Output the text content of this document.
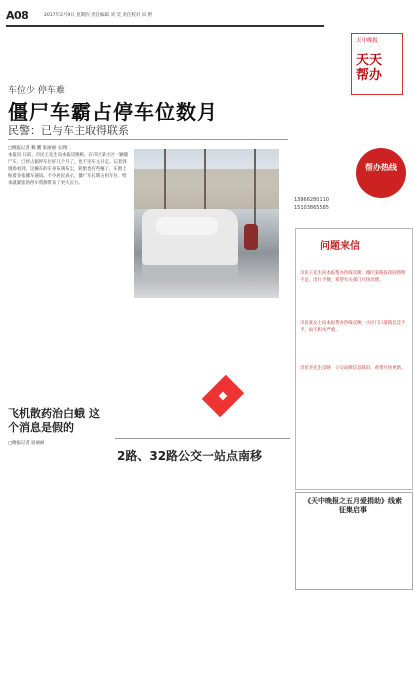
A08	2017年2月9日 星期四 责任编辑 刘 奕 责任校对 田 野
天中晚报
天天
帮办
车位少 停车难
僵尸车霸占停车位数月
民警：已与车主取得联系
□晚报记者 赖 鹏 张丽丽 文/图
本报讯 日前，市民王先生向本报反映称，在市区某小区一辆僵尸车，已经占据停车位好几个月了，也不见车主开走。记者到现场看到，这辆车的车身布满灰尘，轮胎也有些瘪了，车窗上贴着多张挪车通知。不少居民表示，僵尸车长期占用车位，给本就紧张的停车资源带来了更大压力。
帮办热线
13966280110
15103865585
问题来信
市民王先生向本报帮办热线反映：城区某路段夜间照明不足，出行不便，希望有关部门尽快处理。
市民张女士向本报帮办热线反映：小区门口道路坑洼不平，雨天积水严重。
市民李先生反映：公交站牌信息陈旧，希望尽快更新。
■
飞机散药治白蛾 这个消息是假的
□晚报记者 屈丽丽
2路、32路公交一站点南移
《天中晚报之五月爱捐助》线索征集启事
